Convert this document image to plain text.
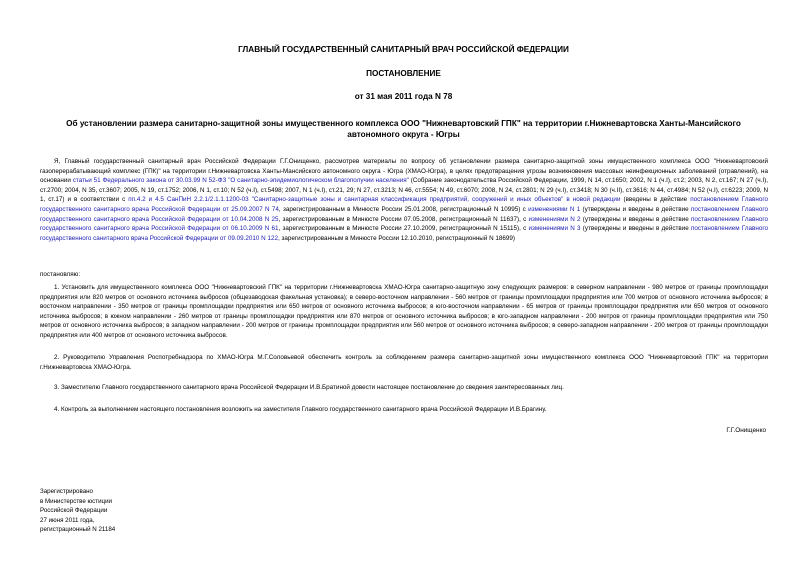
ГЛАВНЫЙ ГОСУДАРСТВЕННЫЙ САНИТАРНЫЙ ВРАЧ РОССИЙСКОЙ ФЕДЕРАЦИИ
ПОСТАНОВЛЕНИЕ
от 31 мая 2011 года N 78
Об установлении размера санитарно-защитной зоны имущественного комплекса ООО "Нижневартовский ГПК" на территории г.Нижневартовска Ханты-Мансийского автономного округа - Югры
Я, Главный государственный санитарный врач Российской Федерации Г.Г.Онищенко, рассмотрев материалы по вопросу об установлении размера санитарно-защитной зоны имущественного комплекса ООО "Нижневартовский газоперерабатывающий комплекс (ГПК)" на территории г.Нижневартовска Ханты-Мансийского автономного округа - Югра (ХМАО-Югра), в целях предотвращения угрозы возникновения массовых неинфекционных заболеваний (отравлений), на основании статьи 51 Федерального закона от 30.03.99 N 52-ФЗ "О санитарно-эпидемиологическом благополучии населения" (Собрание законодательства Российской Федерации, 1999, N 14, ст.1650; 2002, N 1 (ч.I), ст.2; 2003, N 2, ст.167; N 27 (ч.I), ст.2700; 2004, N 35, ст.3607; 2005, N 19, ст.1752; 2006, N 1, ст.10; N 52 (ч.I), ст.5498; 2007, N 1 (ч.I), ст.21, 29; N 27, ст.3213; N 46, ст.5554; N 49, ст.6070; 2008, N 24, ст.2801; N 29 (ч.I), ст.3418; N 30 (ч.II), ст.3616; N 44, ст.4984; N 52 (ч.I), ст.6223; 2009, N 1, ст.17) и в соответствии с пп.4.2 и 4.5 СанПиН 2.2.1/2.1.1.1200-03 "Санитарно-защитные зоны и санитарная классификация предприятий, сооружений и иных объектов" в новой редакции (введены в действие постановлением Главного государственного санитарного врача Российской Федерации от 25.09.2007 N 74, зарегистрированным в Минюсте России 25.01.2008, регистрационный N 10995) с изменениями N 1 (утверждены и введены в действие постановлением Главного государственного санитарного врача Российской Федерации от 10.04.2008 N 25, зарегистрированным в Минюсте России 07.05.2008, регистрационный N 11637), с изменениями N 2 (утверждены и введены в действие постановлением Главного государственного санитарного врача Российской Федерации от 06.10.2009 N 61, зарегистрированным в Минюсте России 27.10.2009, регистрационный N 15115), с изменениями N 3 (утверждены и введены в действие постановлением Главного государственного санитарного врача Российской Федерации от 09.09.2010 N 122, зарегистрированным в Минюсте России 12.10.2010, регистрационный N 18699)
постановляю:
1. Установить для имущественного комплекса ООО "Нижневартовский ГПК" на территории г.Нижневартовска ХМАО-Югра санитарно-защитную зону следующих размеров: в северном направлении - 980 метров от границы промплощадки предприятия или 820 метров от основного источника выбросов (общезаводская факельная установка); в северо-восточном направлении - 560 метров от границы промплощадки предприятия или 700 метров от основного источника выбросов; в восточном направлении - 350 метров от границы промплощадки предприятия или 650 метров от основного источника выбросов; в юго-восточном направлении - 65 метров от границы промплощадки предприятия или 650 метров от основного источника выбросов; в южном направлении - 260 метров от границы промплощадки предприятия или 870 метров от основного источника выбросов; в юго-западном направлении - 200 метров от границы промплощадки предприятия или 750 метров от основного источника выбросов; в западном направлении - 200 метров от границы промплощадки предприятия или 560 метров от основного источника выбросов; в северо-западном направлении - 200 метров от границы промплощадки предприятия или 400 метров от основного источника выбросов.
2. Руководителю Управления Роспотребнадзора по ХМАО-Югра М.Г.Соловьевой обеспечить контроль за соблюдением размера санитарно-защитной зоны имущественного комплекса ООО "Нижневартовский ГПК" на территории г.Нижневартовска ХМАО-Югра.
3. Заместителю Главного государственного санитарного врача Российской Федерации И.В.Братиной довести настоящее постановление до сведения заинтересованных лиц.
4. Контроль за выполнением настоящего постановления возложить на заместителя Главного государственного санитарного врача Российской Федерации И.В.Брагину.
Г.Г.Онищенко
Зарегистрировано
в Министерстве юстиции
Российской Федерации
27 июня 2011 года,
регистрационный N 21184
